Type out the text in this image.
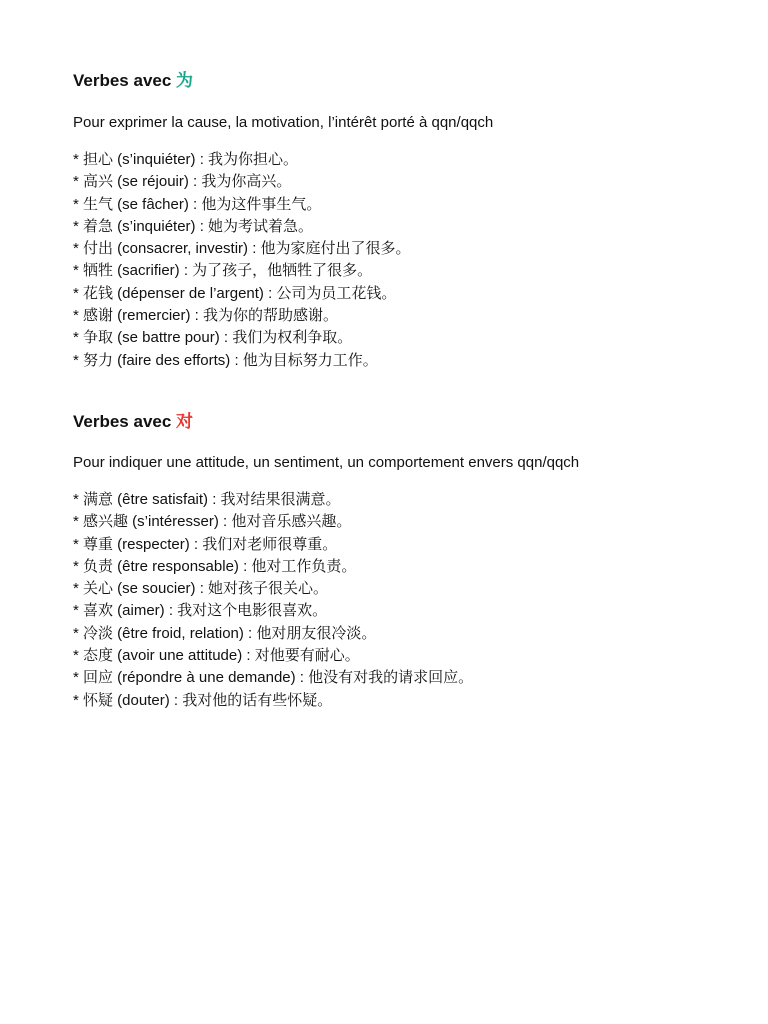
Verbes avec 为

Pour exprimer la cause, la motivation, l’intérêt porté à qqn/qqch

* 担心 (s’inquiéter) : 我为你担心。
* 高兴 (se réjouir) : 我为你高兴。
* 生气 (se fâcher) : 他为这件事生气。
* 着急 (s’inquiéter) : 她为考试着急。
* 付出 (consacrer, investir) : 他为家庭付出了很多。
* 牺牲 (sacrifier) : 为了孩子，他牺牲了很多。
* 花钱 (dépenser de l’argent) : 公司为员工花钱。
* 感谢 (remercier) : 我为你的帮助感谢。
* 争取 (se battre pour) : 我们为权利争取。
* 努力 (faire des efforts) : 他为目标努力工作。
Verbes avec 对

Pour indiquer une attitude, un sentiment, un comportement envers qqn/qqch

* 满意 (être satisfait) : 我对结果很满意。
* 感兴趣 (s’intéresser) : 他对音乐感兴趣。
* 尊重 (respecter) : 我们对老师很尊重。
* 负责 (être responsable) : 他对工作负责。
* 关心 (se soucier) : 她对孩子很关心。
* 喜欢 (aimer) : 我对这个电影很喜欢。
* 冷淡 (être froid, relation) : 他对朋友很冷淡。
* 态度 (avoir une attitude) : 对他要有耐心。
* 回应 (répondre à une demande) : 他没有对我的请求回应。
* 怀疑 (douter) : 我对他的话有些怀疑。
